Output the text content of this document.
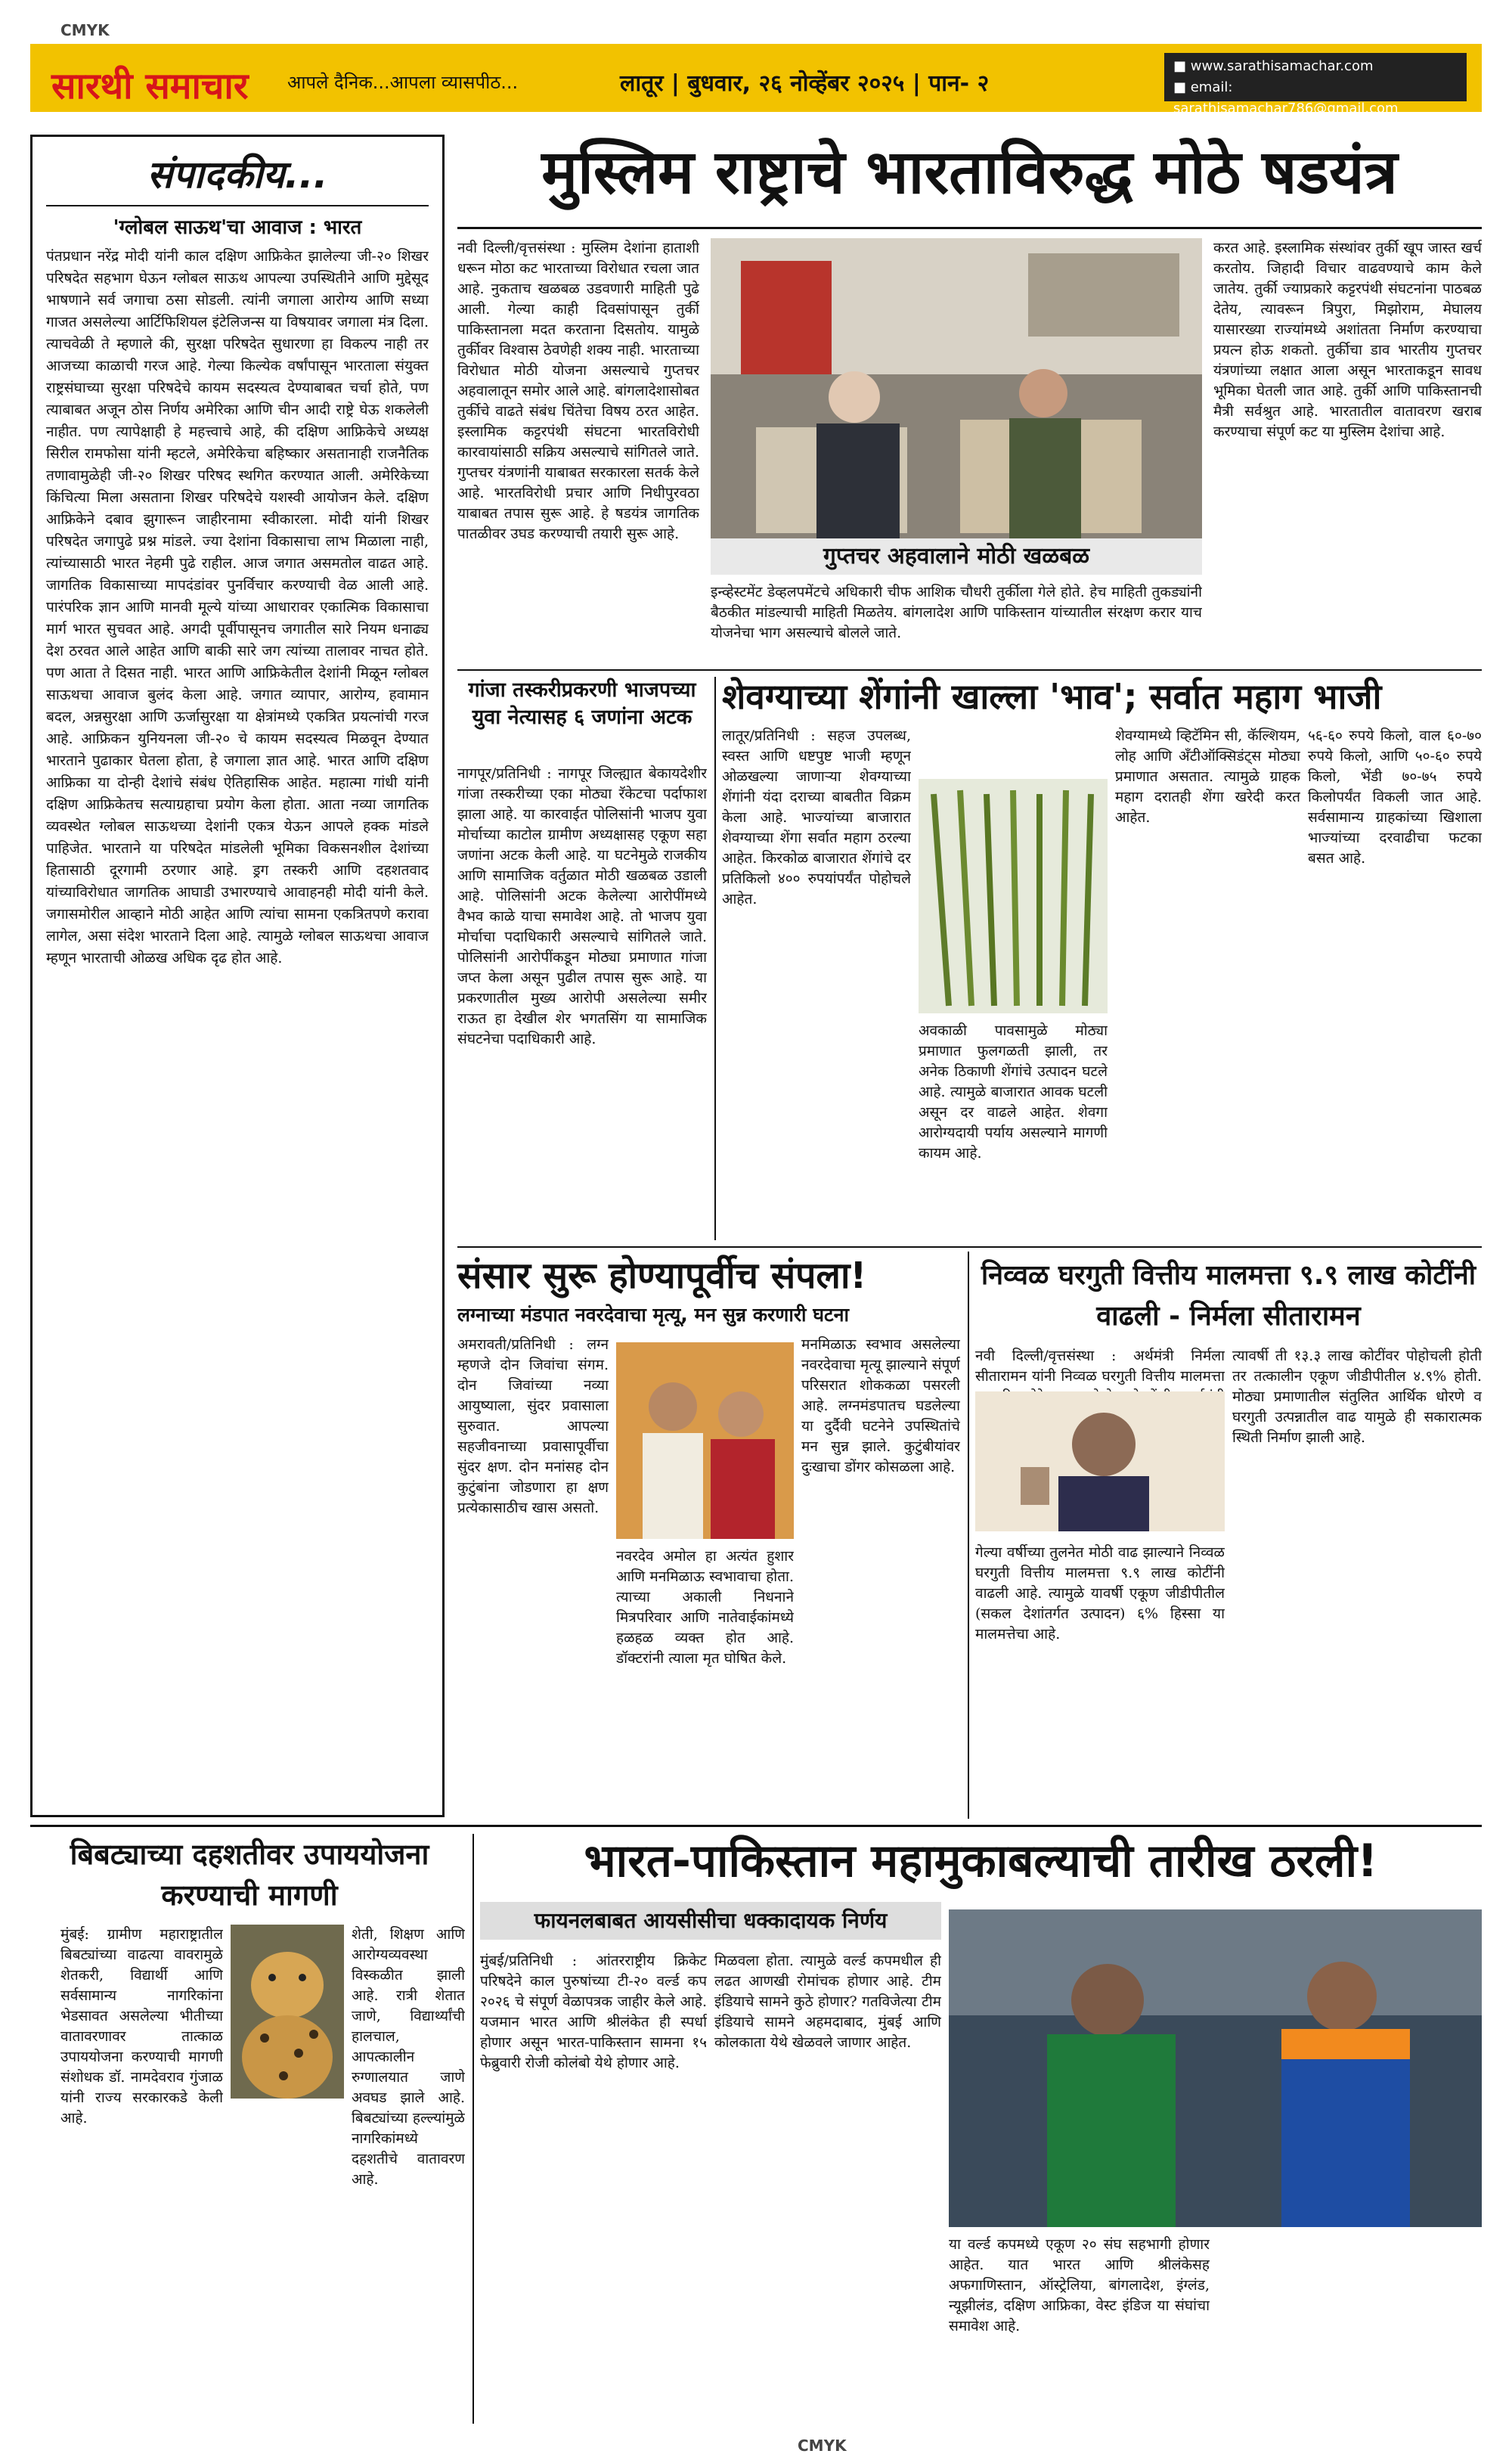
CMYK
CMYK
सारथी समाचार आपले दैनिक...आपला व्यासपीठ...	लातूर | बुधवार, २६ नोव्हेंबर २०२५ | पान- २
■ www.sarathisamachar.com
■ email: sarathisamachar786@gmail.com
संपादकीय...
'ग्लोबल साऊथ'चा आवाज : भारत
पंतप्रधान नरेंद्र मोदी यांनी काल दक्षिण आफ्रिकेत झालेल्या जी-२० शिखर परिषदेत सहभाग घेऊन ग्लोबल साऊथ आपल्या उपस्थितीने आणि मुद्देसूद भाषणाने सर्व जगाचा ठसा सोडली. त्यांनी जगाला आरोग्य आणि सध्या गाजत असलेल्या आर्टिफिशियल इंटेलिजन्स या विषयावर जगाला मंत्र दिला. त्याचवेळी ते म्हणाले की, सुरक्षा परिषदेत सुधारणा हा विकल्प नाही तर आजच्या काळाची गरज आहे. गेल्या किल्येक वर्षांपासून भारताला संयुक्त राष्ट्रसंघाच्या सुरक्षा परिषदेचे कायम सदस्यत्व देण्याबाबत चर्चा होते, पण त्याबाबत अजून ठोस निर्णय अमेरिका आणि चीन आदी राष्ट्रे घेऊ शकलेली नाहीत. पण त्यापेक्षाही हे महत्त्वाचे आहे, की दक्षिण आफ्रिकेचे अध्यक्ष सिरील रामफोसा यांनी म्हटले, अमेरिकेचा बहिष्कार असतानाही राजनैतिक तणावामुळेही जी-२० शिखर परिषद स्थगित करण्यात आली. अमेरिकेच्या किंचित्या मिला असताना शिखर परिषदेचे यशस्वी आयोजन केले. दक्षिण आफ्रिकेने दबाव झुगारून जाहीरनामा स्वीकारला. मोदी यांनी शिखर परिषदेत जगापुढे प्रश्न मांडले. ज्या देशांना विकासाचा लाभ मिळाला नाही, त्यांच्यासाठी भारत नेहमी पुढे राहील. आज जगात असमतोल वाढत आहे. जागतिक विकासाच्या मापदंडांवर पुनर्विचार करण्याची वेळ आली आहे. पारंपरिक ज्ञान आणि मानवी मूल्ये यांच्या आधारावर एकात्मिक विकासाचा मार्ग भारत सुचवत आहे. अगदी पूर्वीपासूनच जगातील सारे नियम धनाढ्य देश ठरवत आले आहेत आणि बाकी सारे जग त्यांच्या तालावर नाचत होते. पण आता ते दिसत नाही. भारत आणि आफ्रिकेतील देशांनी मिळून ग्लोबल साऊथचा आवाज बुलंद केला आहे. जगात व्यापार, आरोग्य, हवामान बदल, अन्नसुरक्षा आणि ऊर्जासुरक्षा या क्षेत्रांमध्ये एकत्रित प्रयत्नांची गरज आहे. आफ्रिकन युनियनला जी-२० चे कायम सदस्यत्व मिळवून देण्यात भारताने पुढाकार घेतला होता, हे जगाला ज्ञात आहे. भारत आणि दक्षिण आफ्रिका या दोन्ही देशांचे संबंध ऐतिहासिक आहेत. महात्मा गांधी यांनी दक्षिण आफ्रिकेतच सत्याग्रहाचा प्रयोग केला होता. आता नव्या जागतिक व्यवस्थेत ग्लोबल साऊथच्या देशांनी एकत्र येऊन आपले हक्क मांडले पाहिजेत. भारताने या परिषदेत मांडलेली भूमिका विकसनशील देशांच्या हितासाठी दूरगामी ठरणार आहे. ड्रग तस्करी आणि दहशतवाद यांच्याविरोधात जागतिक आघाडी उभारण्याचे आवाहनही मोदी यांनी केले. जगासमोरील आव्हाने मोठी आहेत आणि त्यांचा सामना एकत्रितपणे करावा लागेल, असा संदेश भारताने दिला आहे. त्यामुळे ग्लोबल साऊथचा आवाज म्हणून भारताची ओळख अधिक दृढ होत आहे.
मुस्लिम राष्ट्राचे भारताविरुद्ध मोठे षडयंत्र
नवी दिल्ली/वृत्तसंस्था : मुस्लिम देशांना हाताशी धरून मोठा कट भारताच्या विरोधात रचला जात आहे. नुकताच खळबळ उडवणारी माहिती पुढे आली. गेल्या काही दिवसांपासून तुर्की पाकिस्तानला मदत करताना दिसतोय. यामुळे तुर्कीवर विश्वास ठेवणेही शक्य नाही. भारताच्या विरोधात मोठी योजना असल्याचे गुप्तचर अहवालातून समोर आले आहे. बांगलादेशासोबत तुर्कीचे वाढते संबंध चिंतेचा विषय ठरत आहेत. इस्लामिक कट्टरपंथी संघटना भारतविरोधी कारवायांसाठी सक्रिय असल्याचे सांगितले जाते. गुप्तचर यंत्रणांनी याबाबत सरकारला सतर्क केले आहे. भारतविरोधी प्रचार आणि निधीपुरवठा याबाबत तपास सुरू आहे. हे षडयंत्र जागतिक पातळीवर उघड करण्याची तयारी सुरू आहे.
गुप्तचर अहवालाने मोठी खळबळ
इन्व्हेस्टमेंट डेव्हलपमेंटचे अधिकारी चीफ आशिक चौधरी तुर्कीला गेले होते. हेच माहिती तुकड्यांनी बैठकीत मांडल्याची माहिती मिळतेय. बांगलादेश आणि पाकिस्तान यांच्यातील संरक्षण करार याच योजनेचा भाग असल्याचे बोलले जाते.
करत आहे. इस्लामिक संस्थांवर तुर्की खूप जास्त खर्च करतोय. जिहादी विचार वाढवण्याचे काम केले जातेय. तुर्की ज्याप्रकारे कट्टरपंथी संघटनांना पाठबळ देतेय, त्यावरून त्रिपुरा, मिझोराम, मेघालय यासारख्या राज्यांमध्ये अशांतता निर्माण करण्याचा प्रयत्न होऊ शकतो. तुर्कीचा डाव भारतीय गुप्तचर यंत्रणांच्या लक्षात आला असून भारताकडून सावध भूमिका घेतली जात आहे. तुर्की आणि पाकिस्तानची मैत्री सर्वश्रुत आहे. भारतातील वातावरण खराब करण्याचा संपूर्ण कट या मुस्लिम देशांचा आहे.
गांजा तस्करीप्रकरणी भाजपच्या युवा नेत्यासह ६ जणांना अटक
नागपूर/प्रतिनिधी : नागपूर जिल्ह्यात बेकायदेशीर गांजा तस्करीच्या एका मोठ्या रॅकेटचा पर्दाफाश झाला आहे. या कारवाईत पोलिसांनी भाजप युवा मोर्चाच्या काटोल ग्रामीण अध्यक्षासह एकूण सहा जणांना अटक केली आहे. या घटनेमुळे राजकीय आणि सामाजिक वर्तुळात मोठी खळबळ उडाली आहे. पोलिसांनी अटक केलेल्या आरोपींमध्ये वैभव काळे याचा समावेश आहे. तो भाजप युवा मोर्चाचा पदाधिकारी असल्याचे सांगितले जाते. पोलिसांनी आरोपींकडून मोठ्या प्रमाणात गांजा जप्त केला असून पुढील तपास सुरू आहे. या प्रकरणातील मुख्य आरोपी असलेल्या समीर राऊत हा देखील शेर भगतसिंग या सामाजिक संघटनेचा पदाधिकारी आहे.
शेवग्याच्या शेंगांनी खाल्ला 'भाव'; सर्वात महाग भाजी
लातूर/प्रतिनिधी : सहज उपलब्ध, स्वस्त आणि धष्टपुष्ट भाजी म्हणून ओळखल्या जाणाऱ्या शेवग्याच्या शेंगांनी यंदा दराच्या बाबतीत विक्रम केला आहे. भाज्यांच्या बाजारात शेवग्याच्या शेंगा सर्वात महाग ठरल्या आहेत. किरकोळ बाजारात शेंगांचे दर प्रतिकिलो ४०० रुपयांपर्यंत पोहोचले आहेत.
अवकाळी पावसामुळे मोठ्या प्रमाणात फुलगळती झाली, तर अनेक ठिकाणी शेंगांचे उत्पादन घटले आहे. त्यामुळे बाजारात आवक घटली असून दर वाढले आहेत. शेवगा आरोग्यदायी पर्याय असल्याने मागणी कायम आहे.
शेवग्यामध्ये व्हिटॅमिन सी, कॅल्शियम, लोह आणि अँटीऑक्सिडंट्स मोठ्या प्रमाणात असतात. त्यामुळे ग्राहक महाग दरातही शेंगा खरेदी करत आहेत.
५६-६० रुपये किलो, वाल ६०-७० रुपये किलो, आणि ५०-६० रुपये किलो, भेंडी ७०-७५ रुपये किलोपर्यंत विकली जात आहे. सर्वसामान्य ग्राहकांच्या खिशाला भाज्यांच्या दरवाढीचा फटका बसत आहे.
संसार सुरू होण्यापूर्वीच संपला!
लग्नाच्या मंडपात नवरदेवाचा मृत्यू, मन सुन्न करणारी घटना
अमरावती/प्रतिनिधी : लग्न म्हणजे दोन जिवांचा संगम. दोन जिवांच्या नव्या आयुष्याला, सुंदर प्रवासाला सुरुवात. आपल्या सहजीवनाच्या प्रवासापूर्वीचा सुंदर क्षण. दोन मनांसह दोन कुटुंबांना जोडणारा हा क्षण प्रत्येकासाठीच खास असतो.
मनमिळाऊ स्वभाव असलेल्या नवरदेवाचा मृत्यू झाल्याने संपूर्ण परिसरात शोककळा पसरली आहे. लग्नमंडपातच घडलेल्या या दुर्दैवी घटनेने उपस्थितांचे मन सुन्न झाले. कुटुंबीयांवर दुःखाचा डोंगर कोसळला आहे.
नवरदेव अमोल हा अत्यंत हुशार आणि मनमिळाऊ स्वभावाचा होता. त्याच्या अकाली निधनाने मित्रपरिवार आणि नातेवाईकांमध्ये हळहळ व्यक्त होत आहे. डॉक्टरांनी त्याला मृत घोषित केले.
निव्वळ घरगुती वित्तीय मालमत्ता ९.९ लाख कोटींनी वाढली - निर्मला सीतारामन
नवी दिल्ली/वृत्तसंस्था : अर्थमंत्री निर्मला सीतारामन यांनी निव्वळ घरगुती वित्तीय मालमत्ता
गेल्या वर्षीच्या तुलनेत मोठी वाढ झाल्याने निव्वळ घरगुती वित्तीय मालमत्ता ९.९ लाख कोटींनी वाढली आहे. त्यामुळे यावर्षी एकूण जीडीपीतील (सकल देशांतर्गत उत्पादन) ६% हिस्सा या मालमत्तेचा आहे.
त्यावर्षी ती १३.३ लाख कोटींवर पोहोचली होती तर तत्कालीन एकूण जीडीपीतील ४.९% होती. मोठ्या प्रमाणातील संतुलित आर्थिक धोरणे व घरगुती उत्पन्नातील वाढ यामुळे ही सकारात्मक स्थिती निर्माण झाली आहे.
बिबट्याच्या दहशतीवर उपाययोजना करण्याची मागणी
मुंबई: ग्रामीण महाराष्ट्रातील बिबट्यांच्या वाढत्या वावरामुळे शेतकरी, विद्यार्थी आणि सर्वसामान्य नागरिकांना भेडसावत असलेल्या भीतीच्या वातावरणावर तात्काळ उपाययोजना करण्याची मागणी संशोधक डॉ. नामदेवराव गुंजाळ यांनी राज्य सरकारकडे केली आहे.
शेती, शिक्षण आणि आरोग्यव्यवस्था विस्कळीत झाली आहे. रात्री शेतात जाणे, विद्यार्थ्यांची हालचाल, आपत्कालीन रुग्णालयात जाणे अवघड झाले आहे. बिबट्यांच्या हल्ल्यांमुळे नागरिकांमध्ये दहशतीचे वातावरण आहे.
भारत-पाकिस्तान महामुकाबल्याची तारीख ठरली!
फायनलबाबत आयसीसीचा धक्कादायक निर्णय
मुंबई/प्रतिनिधी : आंतरराष्ट्रीय क्रिकेट परिषदेने काल पुरुषांच्या टी-२० वर्ल्ड कप २०२६ चे संपूर्ण वेळापत्रक जाहीर केले आहे. यजमान भारत आणि श्रीलंकेत ही स्पर्धा होणार असून भारत-पाकिस्तान सामना १५ फेब्रुवारी रोजी कोलंबो येथे होणार आहे.
मिळवला होता. त्यामुळे वर्ल्ड कपमधील ही लढत आणखी रोमांचक होणार आहे. टीम इंडियाचे सामने कुठे होणार? गतविजेत्या टीम इंडियाचे सामने अहमदाबाद, मुंबई आणि कोलकाता येथे खेळवले जाणार आहेत.
या वर्ल्ड कपमध्ये एकूण २० संघ सहभागी होणार आहेत. यात भारत आणि श्रीलंकेसह अफगाणिस्तान, ऑस्ट्रेलिया, बांगलादेश, इंग्लंड, न्यूझीलंड, दक्षिण आफ्रिका, वेस्ट इंडिज या संघांचा समावेश आहे.
